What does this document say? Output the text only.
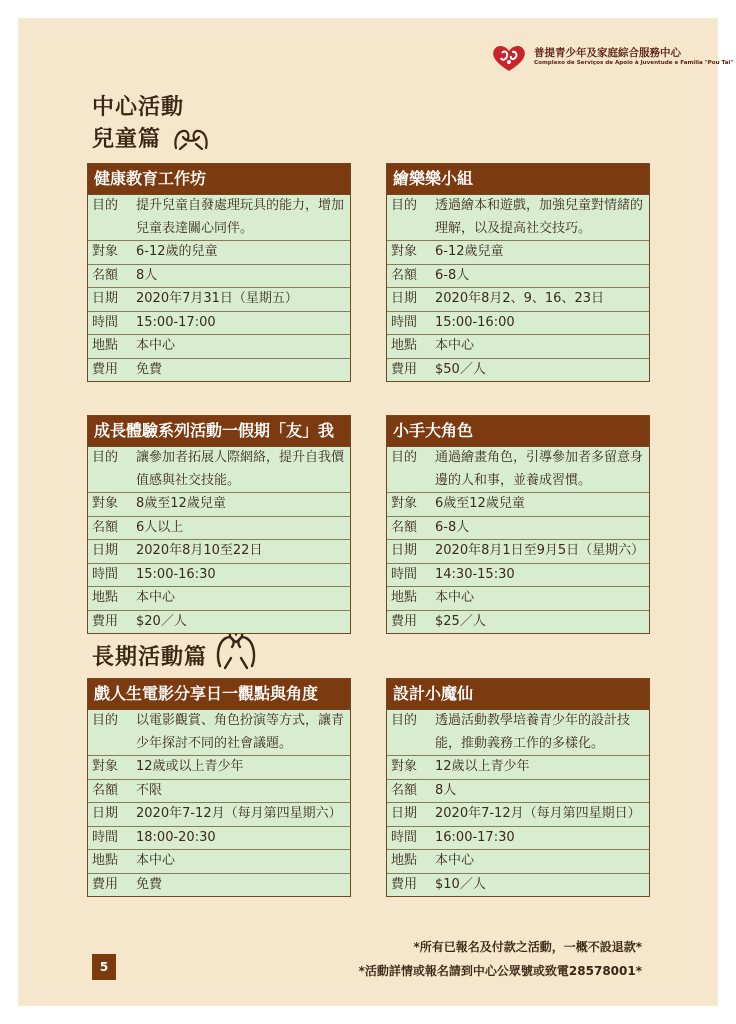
普提青少年及家庭綜合服務中心
Complexo de Serviços de Apoio à Juventude e Família "Pou Tai"
中心活動
兒童篇
長期活動篇
健康教育工作坊
目的	提升兒童自發處理玩具的能力，增加兒童表達關心同伴。
對象	6-12歲的兒童
名額	8人
日期	2020年7月31日（星期五）
時間	15:00-17:00
地點	本中心
費用	免費
繪樂樂小組
目的	透過繪本和遊戲，加強兒童對情緒的理解，以及提高社交技巧。
對象	6-12歲兒童
名額	6-8人
日期	2020年8月2、9、16、23日
時間	15:00-16:00
地點	本中心
費用	$50／人
成長體驗系列活動一假期「友」我
目的	讓參加者拓展人際網絡，提升自我價值感與社交技能。
對象	8歲至12歲兒童
名額	6人以上
日期	2020年8月10至22日
時間	15:00-16:30
地點	本中心
費用	$20／人
小手大角色
目的	通過繪畫角色，引導參加者多留意身邊的人和事，並養成習慣。
對象	6歲至12歲兒童
名額	6-8人
日期	2020年8月1日至9月5日（星期六）
時間	14:30-15:30
地點	本中心
費用	$25／人
戲人生電影分享日一觀點與角度
目的	以電影觀賞、角色扮演等方式，讓青少年探討不同的社會議題。
對象	12歲或以上青少年
名額	不限
日期	2020年7-12月（每月第四星期六）
時間	18:00-20:30
地點	本中心
費用	免費
設計小魔仙
目的	透過活動教學培養青少年的設計技能，推動義務工作的多樣化。
對象	12歲以上青少年
名額	8人
日期	2020年7-12月（每月第四星期日）
時間	16:00-17:30
地點	本中心
費用	$10／人
*所有已報名及付款之活動，一概不設退款*
*活動詳情或報名請到中心公眾號或致電28578001*
5
